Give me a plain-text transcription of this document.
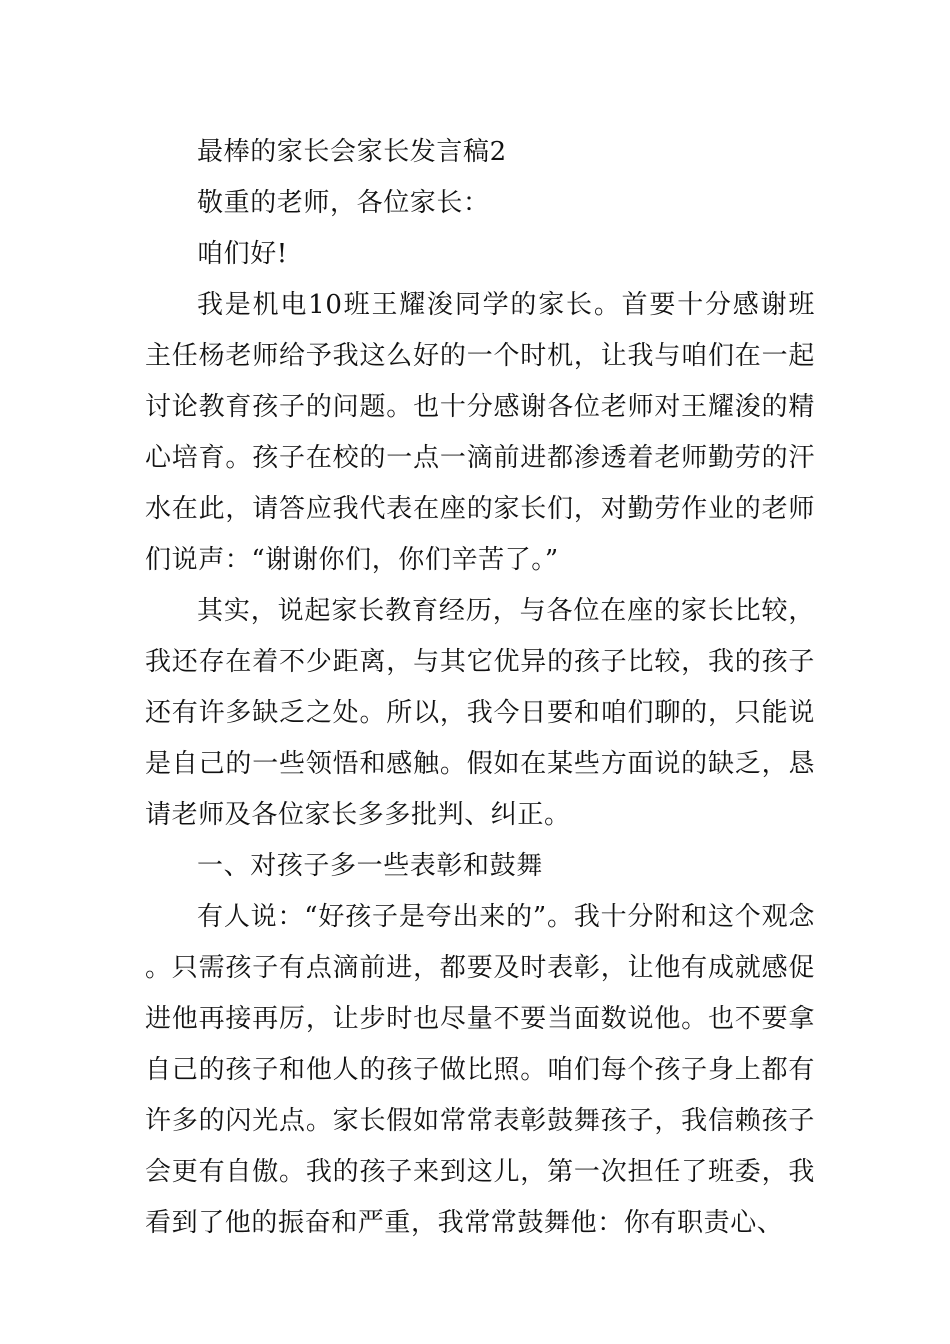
最棒的家长会家长发言稿2

敬重的老师，各位家长：

咱们好!

我是机电10班王耀浚同学的家长。首要十分感谢班主任杨老师给予我这么好的一个时机，让我与咱们在一起讨论教育孩子的问题。也十分感谢各位老师对王耀浚的精心培育。孩子在校的一点一滴前进都渗透着老师勤劳的汗水在此，请答应我代表在座的家长们，对勤劳作业的老师们说声：“谢谢你们，你们辛苦了。”

其实，说起家长教育经历，与各位在座的家长比较，我还存在着不少距离，与其它优异的孩子比较，我的孩子还有许多缺乏之处。所以，我今日要和咱们聊的，只能说是自己的一些领悟和感触。假如在某些方面说的缺乏，恳请老师及各位家长多多批判、纠正。

一、对孩子多一些表彰和鼓舞

有人说：“好孩子是夸出来的”。我十分附和这个观念。只需孩子有点滴前进，都要及时表彰，让他有成就感促进他再接再厉，让步时也尽量不要当面数说他。也不要拿自己的孩子和他人的孩子做比照。咱们每个孩子身上都有许多的闪光点。家长假如常常表彰鼓舞孩子，我信赖孩子会更有自傲。我的孩子来到这儿，第一次担任了班委，我看到了他的振奋和严重，我常常鼓舞他：你有职责心、
